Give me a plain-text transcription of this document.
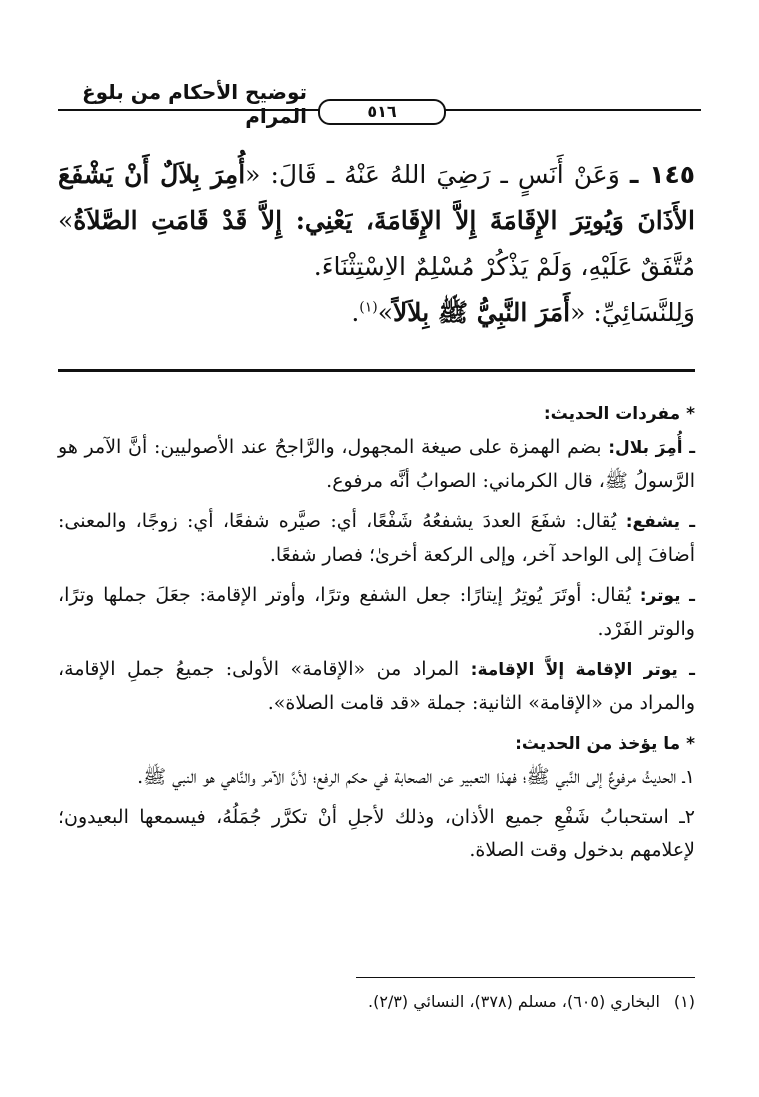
توضيح الأحكام من بلوغ المرام	٥١٦

١٤٥ ـ وَعَنْ أَنَسٍ ـ رَضِيَ اللهُ عَنْهُ ـ قَالَ: «أُمِرَ بِلاَلٌ أَنْ يَشْفَعَ الأَذَانَ وَيُوتِرَ الإِقَامَةَ إِلاَّ الإِقَامَةَ، يَعْنِي: إِلاَّ قَدْ قَامَتِ الصَّلاَةُ» مُتَّفَقٌ عَلَيْهِ، وَلَمْ يَذْكُرْ مُسْلِمٌ الاِسْتِثْنَاءَ.

وَلِلنَّسَائِيِّ: «أَمَرَ النَّبِيُّ ﷺ بِلاَلاً»$^{(١)}$.

* مفردات الحديث:

ـ أُمِرَ بلال: بضم الهمزة على صيغة المجهول، والرَّاجحُ عند الأصوليين: أنَّ الآمر هو الرَّسولُ ﷺ، قال الكرماني: الصوابُ أنَّه مرفوع.

ـ يشفع: يُقال: شفَعَ العددَ يشفعُهُ شَفْعًا، أي: صيَّره شفعًا، أي: زوجًا، والمعنى: أضافَ إلى الواحد آخر، وإلى الركعة أخرىٰ؛ فصار شفعًا.

ـ يوتر: يُقال: أوتَرَ يُوتِرُ إيتارًا: جعل الشفع وترًا، وأوتر الإقامة: جعَلَ جملها وترًا، والوتر الفَرْد.

ـ يوتر الإقامة إلاَّ الإقامة: المراد من «الإقامة» الأولى: جميعُ جملِ الإقامة، والمراد من «الإقامة» الثانية: جملة «قد قامت الصلاة».

* ما يؤخذ من الحديث:

١ـ الحديثُ مرفوعٌ إلى النَّبي ﷺ؛ فهذا التعبير عن الصحابة في حكم الرفع؛ لأنَّ الآمر والنَّاهي هو النبي ﷺ.

٢ـ استحبابُ شَفْعِ جميع الأذان، وذلك لأجلِ أنْ تكرَّر جُمَلُهُ، فيسمعها البعيدون؛ لإعلامهم بدخول وقت الصلاة.

(١)البخاري (٦٠٥)، مسلم (٣٧٨)، النسائي (٢/٣).
